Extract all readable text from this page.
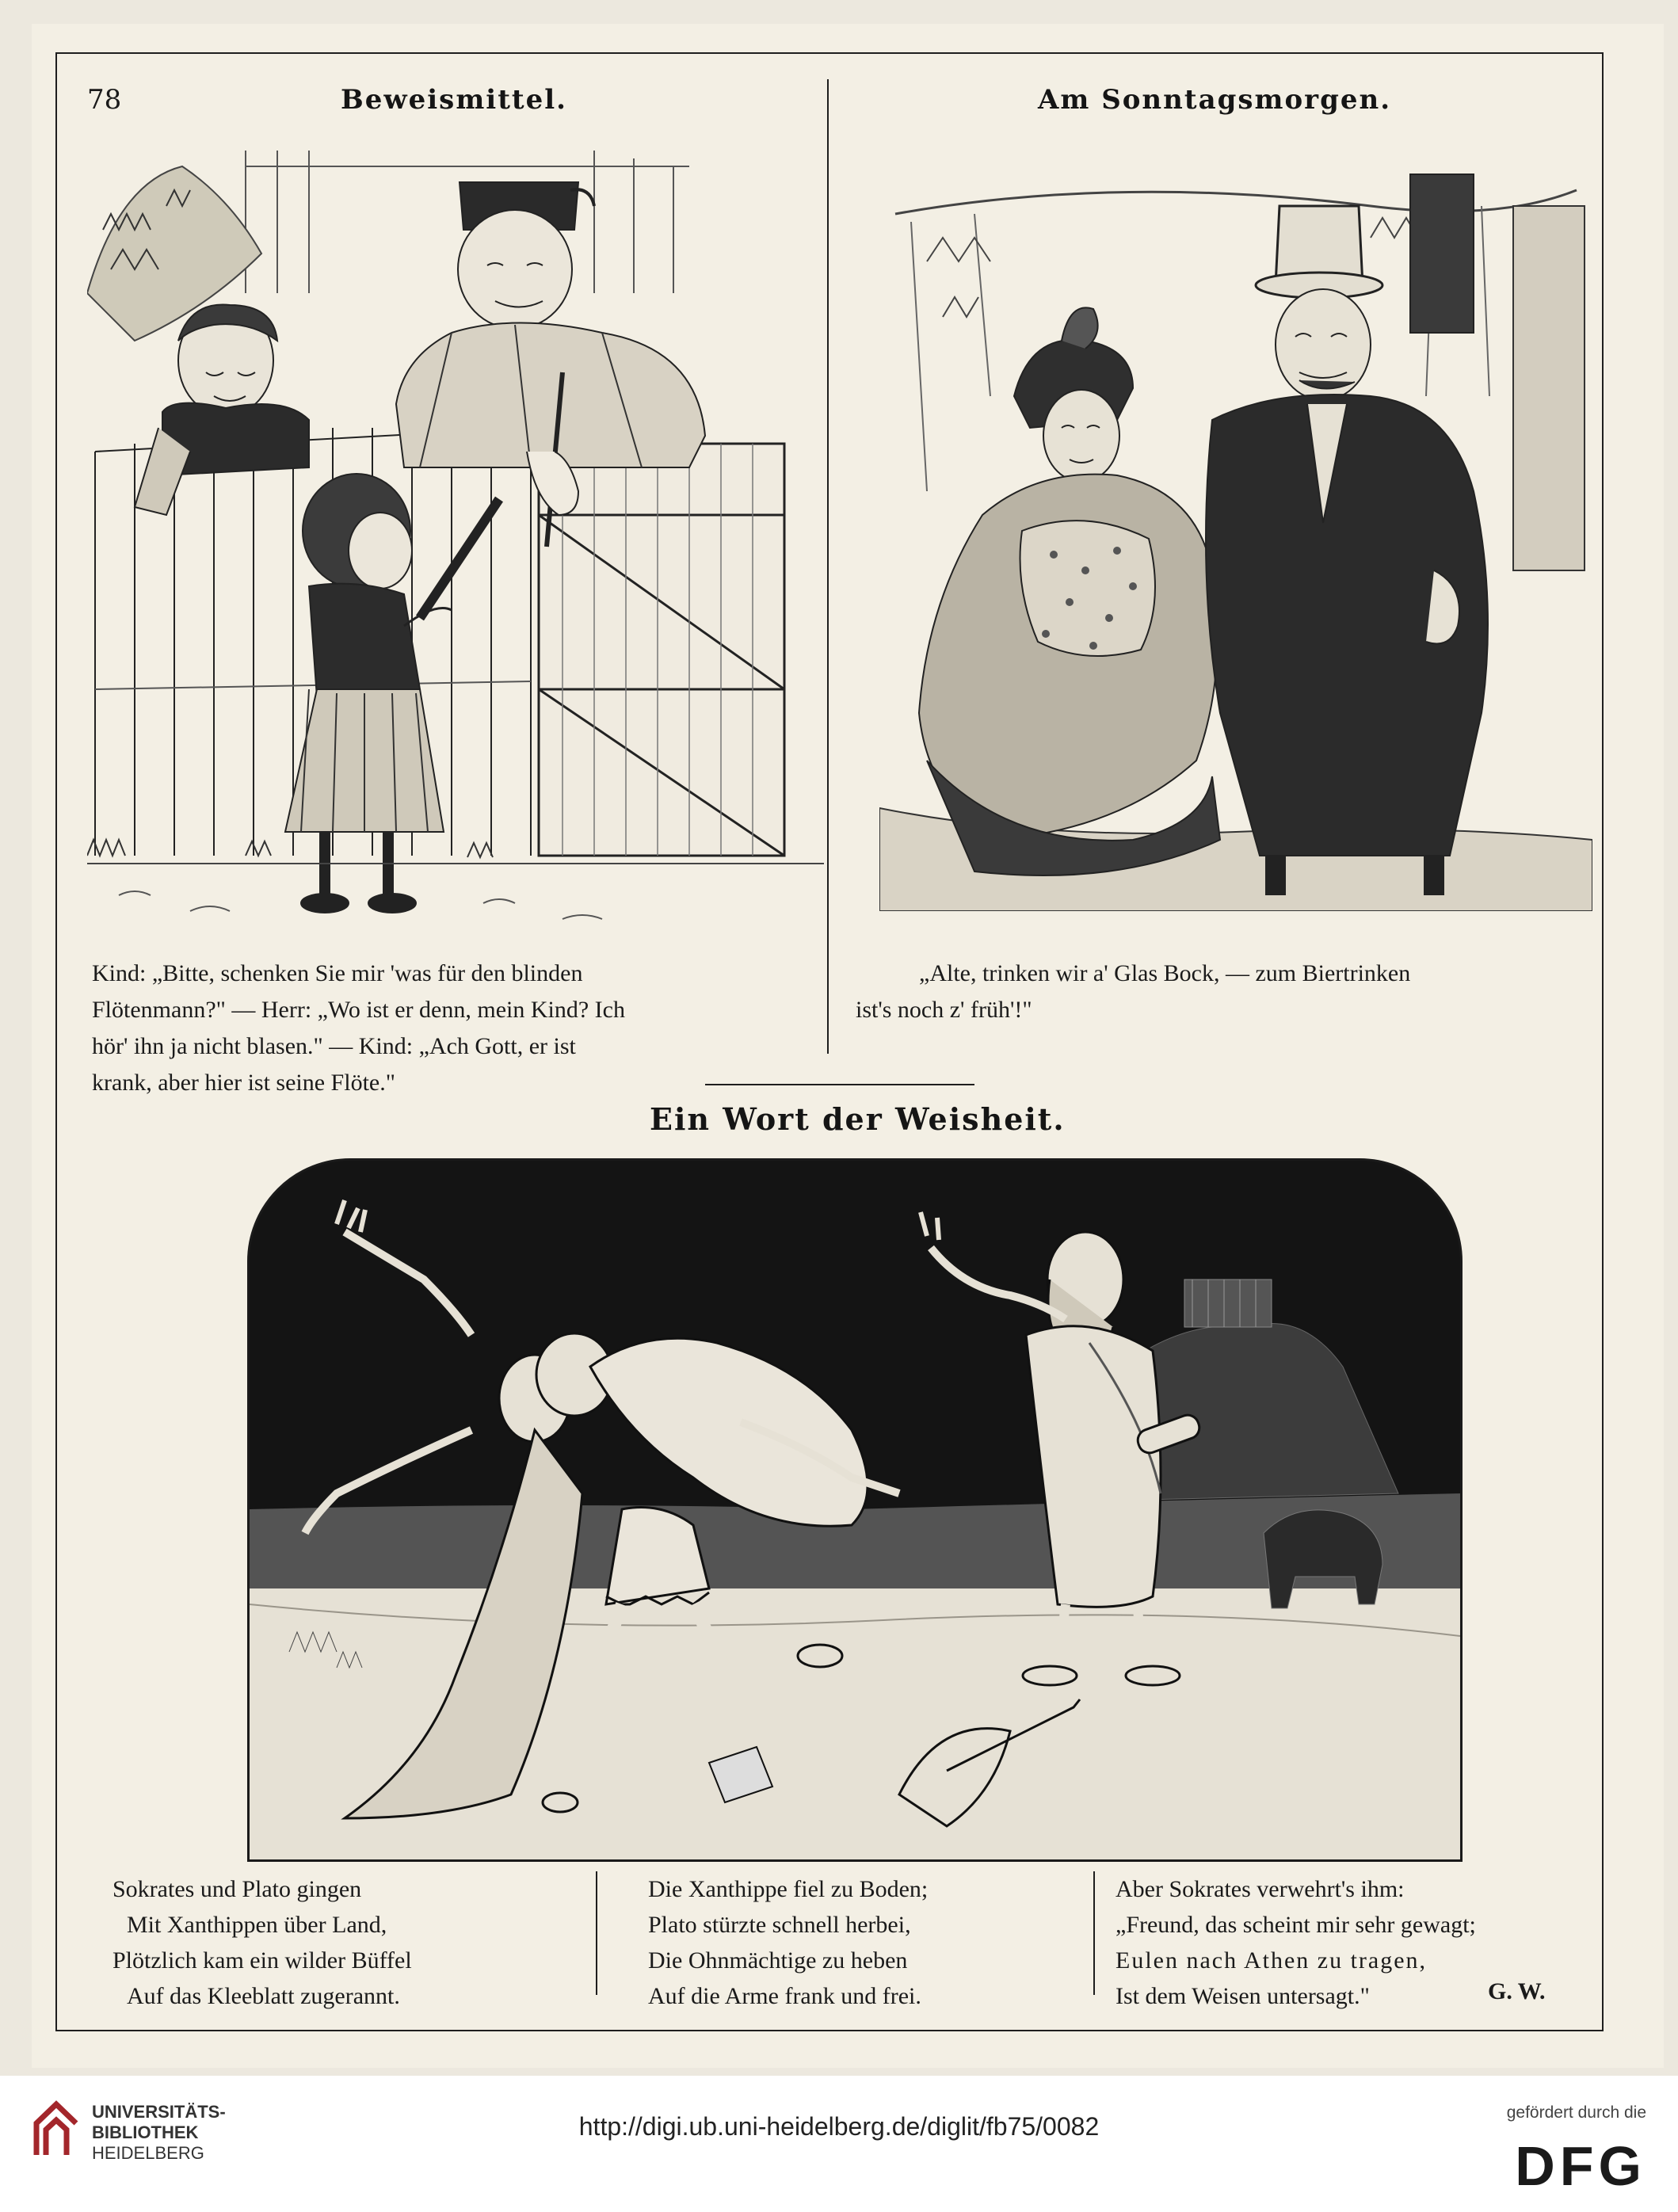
78	Beweismittel.	Am Sonntagsmorgen.
Ein Wort der Weisheit.
Kind: „Bitte, schenken Sie mir 'was für den blinden
Flötenmann?" — Herr: „Wo ist er denn, mein Kind? Ich
hör' ihn ja nicht blasen." — Kind: „Ach Gott, er ist
krank, aber hier ist seine Flöte."
„Alte, trinken wir a' Glas Bock, — zum Biertrinken
ist's noch z' früh'!"
Sokrates und Plato gingen
Mit Xanthippen über Land,
Plötzlich kam ein wilder Büffel
Auf das Kleeblatt zugerannt.
Die Xanthippe fiel zu Boden;
Plato stürzte schnell herbei,
Die Ohnmächtige zu heben
Auf die Arme frank und frei.
Aber Sokrates verwehrt's ihm:
„Freund, das scheint mir sehr gewagt;
Eulen nach Athen zu tragen,
Ist dem Weisen untersagt."	G. W.
UNIVERSITÄTS-
BIBLIOTHEK
HEIDELBERG
http://digi.ub.uni-heidelberg.de/diglit/fb75/0082	gefördert durch die
DFG
